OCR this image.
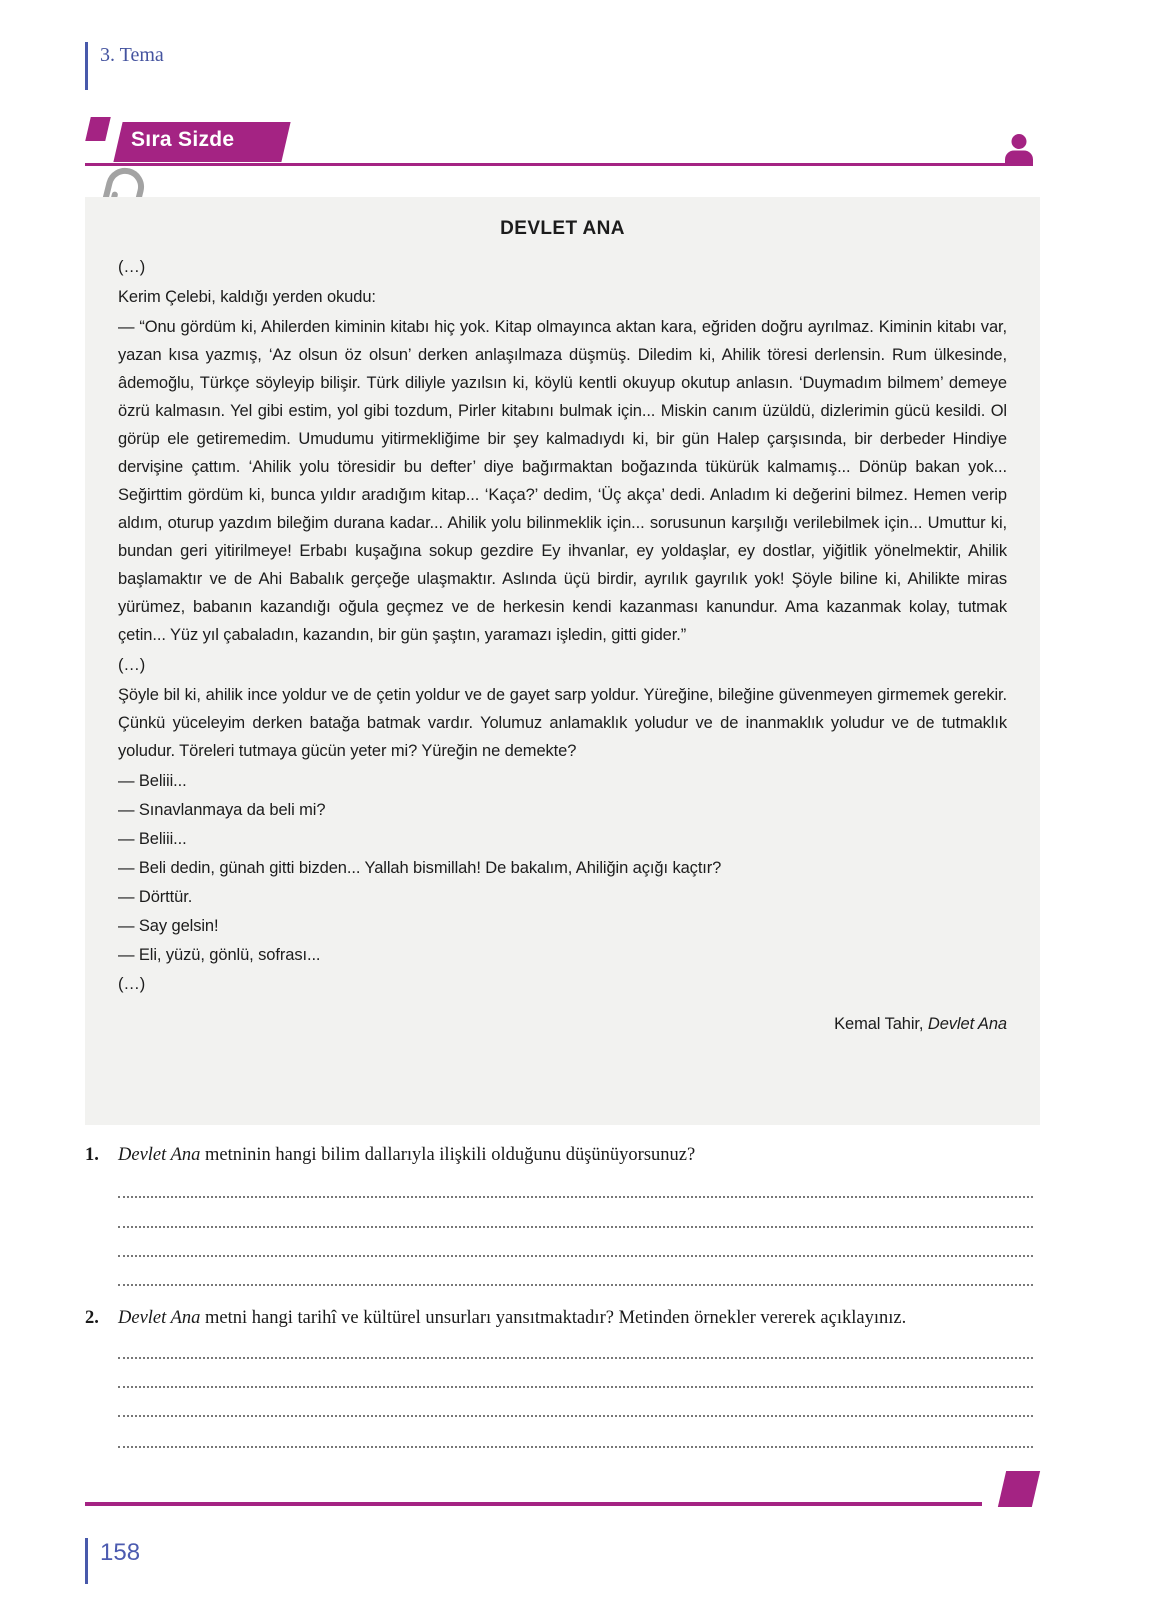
3. Tema
Sıra Sizde
DEVLET ANA
(…)
Kerim Çelebi, kaldığı yerden okudu:

— “Onu gördüm ki, Ahilerden kiminin kitabı hiç yok. Kitap olmayınca aktan kara, eğriden doğru ayrılmaz. Kiminin kitabı var, yazan kısa yazmış, ‘Az olsun öz olsun’ derken anlaşılmaza düşmüş. Diledim ki, Ahilik töresi derlensin. Rum ülkesinde, âdemoğlu, Türkçe söyleyip bilişir. Türk diliyle yazılsın ki, köylü kentli okuyup okutup anlasın. ‘Duymadım bilmem’ demeye özrü kalmasın. Yel gibi estim, yol gibi tozdum, Pirler kitabını bulmak için... Miskin canım üzüldü, dizlerimin gücü kesildi. Ol görüp ele getiremedim. Umudumu yitirmekliğime bir şey kalmadıydı ki, bir gün Halep çarşısında, bir derbeder Hindiye dervişine çattım. ‘Ahilik yolu töresidir bu defter’ diye bağırmaktan boğazında tükürük kalmamış... Dönüp bakan yok... Seğirttim gördüm ki, bunca yıldır aradığım kitap... ‘Kaça?’ dedim, ‘Üç akça’ dedi. Anladım ki değerini bilmez. Hemen verip aldım, oturup yazdım bileğim durana kadar... Ahilik yolu bilinmeklik için... sorusunun karşılığı verilebilmek için... Umuttur ki, bundan geri yitirilmeye! Erbabı kuşağına sokup gezdire Ey ihvanlar, ey yoldaşlar, ey dostlar, yiğitlik yönelmektir, Ahilik başlamaktır ve de Ahi Babalık gerçeğe ulaşmaktır. Aslında üçü birdir, ayrılık gayrılık yok! Şöyle biline ki, Ahilikte miras yürümez, babanın kazandığı oğula geçmez ve de herkesin kendi kazanması kanundur. Ama kazanmak kolay, tutmak çetin... Yüz yıl çabaladın, kazandın, bir gün şaştın, yaramazı işledin, gitti gider.”

(…)

Şöyle bil ki, ahilik ince yoldur ve de çetin yoldur ve de gayet sarp yoldur. Yüreğine, bileğine güvenmeyen girmemek gerekir. Çünkü yüceleyim derken batağa batmak vardır. Yolumuz anlamaklık yoludur ve de inanmaklık yoludur ve de tutmaklık yoludur. Töreleri tutmaya gücün yeter mi? Yüreğin ne demekte?

— Beliii...
— Sınavlanmaya da beli mi?
— Beliii...
— Beli dedin, günah gitti bizden... Yallah bismillah! De bakalım, Ahiliğin açığı kaçtır?
— Dörttür.
— Say gelsin!
— Eli, yüzü, gönlü, sofrası...
(…)
Kemal Tahir, Devlet Ana
1.	Devlet Ana metninin hangi bilim dallarıyla ilişkili olduğunu düşünüyorsunuz?
2.	Devlet Ana metni hangi tarihî ve kültürel unsurları yansıtmaktadır? Metinden örnekler vererek açıklayınız.
158
